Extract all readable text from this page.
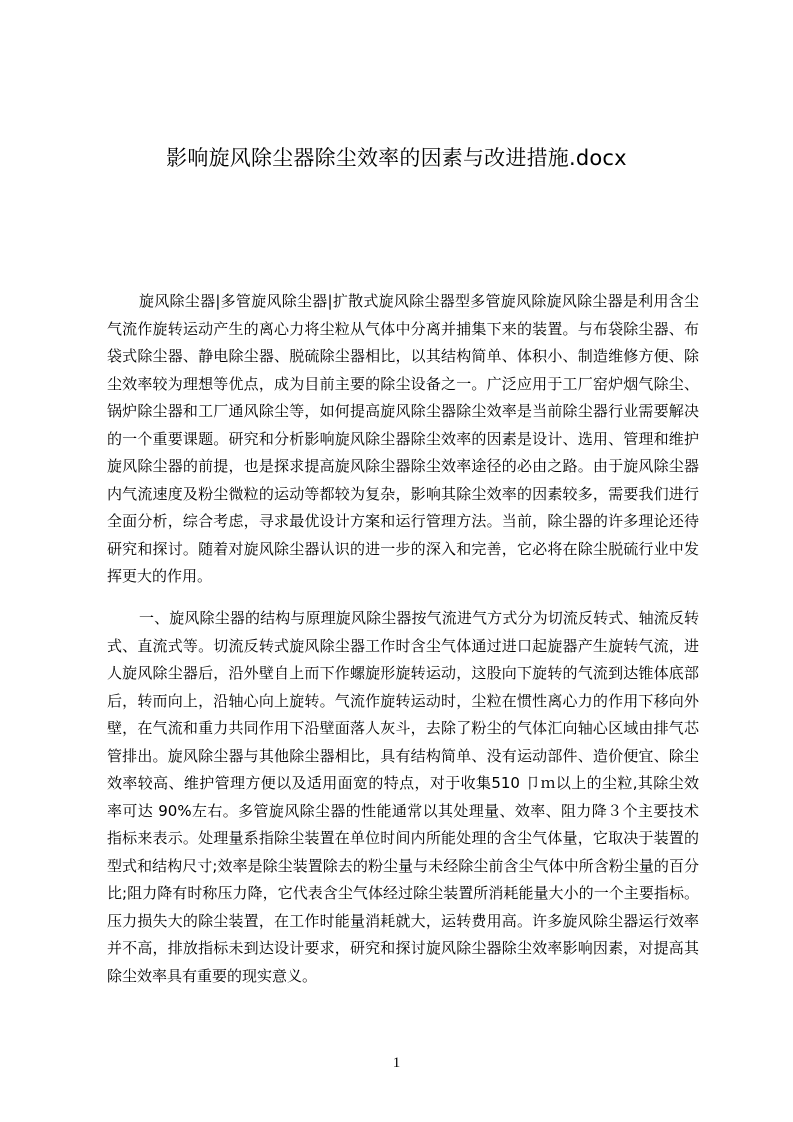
影响旋风除尘器除尘效率的因素与改进措施.docx

旋风除尘器|多管旋风除尘器|扩散式旋风除尘器型多管旋风除旋风除尘器是利用含尘气流作旋转运动产生的离心力将尘粒从气体中分离并捕集下来的装置。与布袋除尘器、布袋式除尘器、静电除尘器、脱硫除尘器相比，以其结构简单、体积小、制造维修方便、除尘效率较为理想等优点，成为目前主要的除尘设备之一。广泛应用于工厂窑炉烟气除尘、锅炉除尘器和工厂通风除尘等，如何提高旋风除尘器除尘效率是当前除尘器行业需要解决的一个重要课题。研究和分析影响旋风除尘器除尘效率的因素是设计、选用、管理和维护旋风除尘器的前提，也是探求提高旋风除尘器除尘效率途径的必由之路。由于旋风除尘器内气流速度及粉尘微粒的运动等都较为复杂，影响其除尘效率的因素较多，需要我们进行全面分析，综合考虑，寻求最优设计方案和运行管理方法。当前，除尘器的许多理论还待研究和探讨。随着对旋风除尘器认识的进一步的深入和完善，它必将在除尘脱硫行业中发挥更大的作用。

一、旋风除尘器的结构与原理旋风除尘器按气流进气方式分为切流反转式、轴流反转式、直流式等。切流反转式旋风除尘器工作时含尘气体通过进口起旋器产生旋转气流，进人旋风除尘器后，沿外壁自上而下作螺旋形旋转运动，这股向下旋转的气流到达锥体底部后，转而向上，沿轴心向上旋转。气流作旋转运动时，尘粒在惯性离心力的作用下移向外壁，在气流和重力共同作用下沿壁面落人灰斗，去除了粉尘的气体汇向轴心区域由排气芯管排出。旋风除尘器与其他除尘器相比，具有结构简单、没有运动部件、造价便宜、除尘效率较高、维护管理方便以及适用面宽的特点，对于收集510 卩ｍ以上的尘粒,其除尘效率可达 90%左右。多管旋风除尘器的性能通常以其处理量、效率、阻力降３个主要技术指标来表示。处理量系指除尘装置在单位时间内所能处理的含尘气体量，它取决于装置的型式和结构尺寸;效率是除尘装置除去的粉尘量与未经除尘前含尘气体中所含粉尘量的百分比;阻力降有时称压力降，它代表含尘气体经过除尘装置所消耗能量大小的一个主要指标。压力损失大的除尘装置，在工作时能量消耗就大，运转费用高。许多旋风除尘器运行效率并不高，排放指标未到达设计要求，研究和探讨旋风除尘器除尘效率影响因素，对提高其除尘效率具有重要的现实意义。

1
